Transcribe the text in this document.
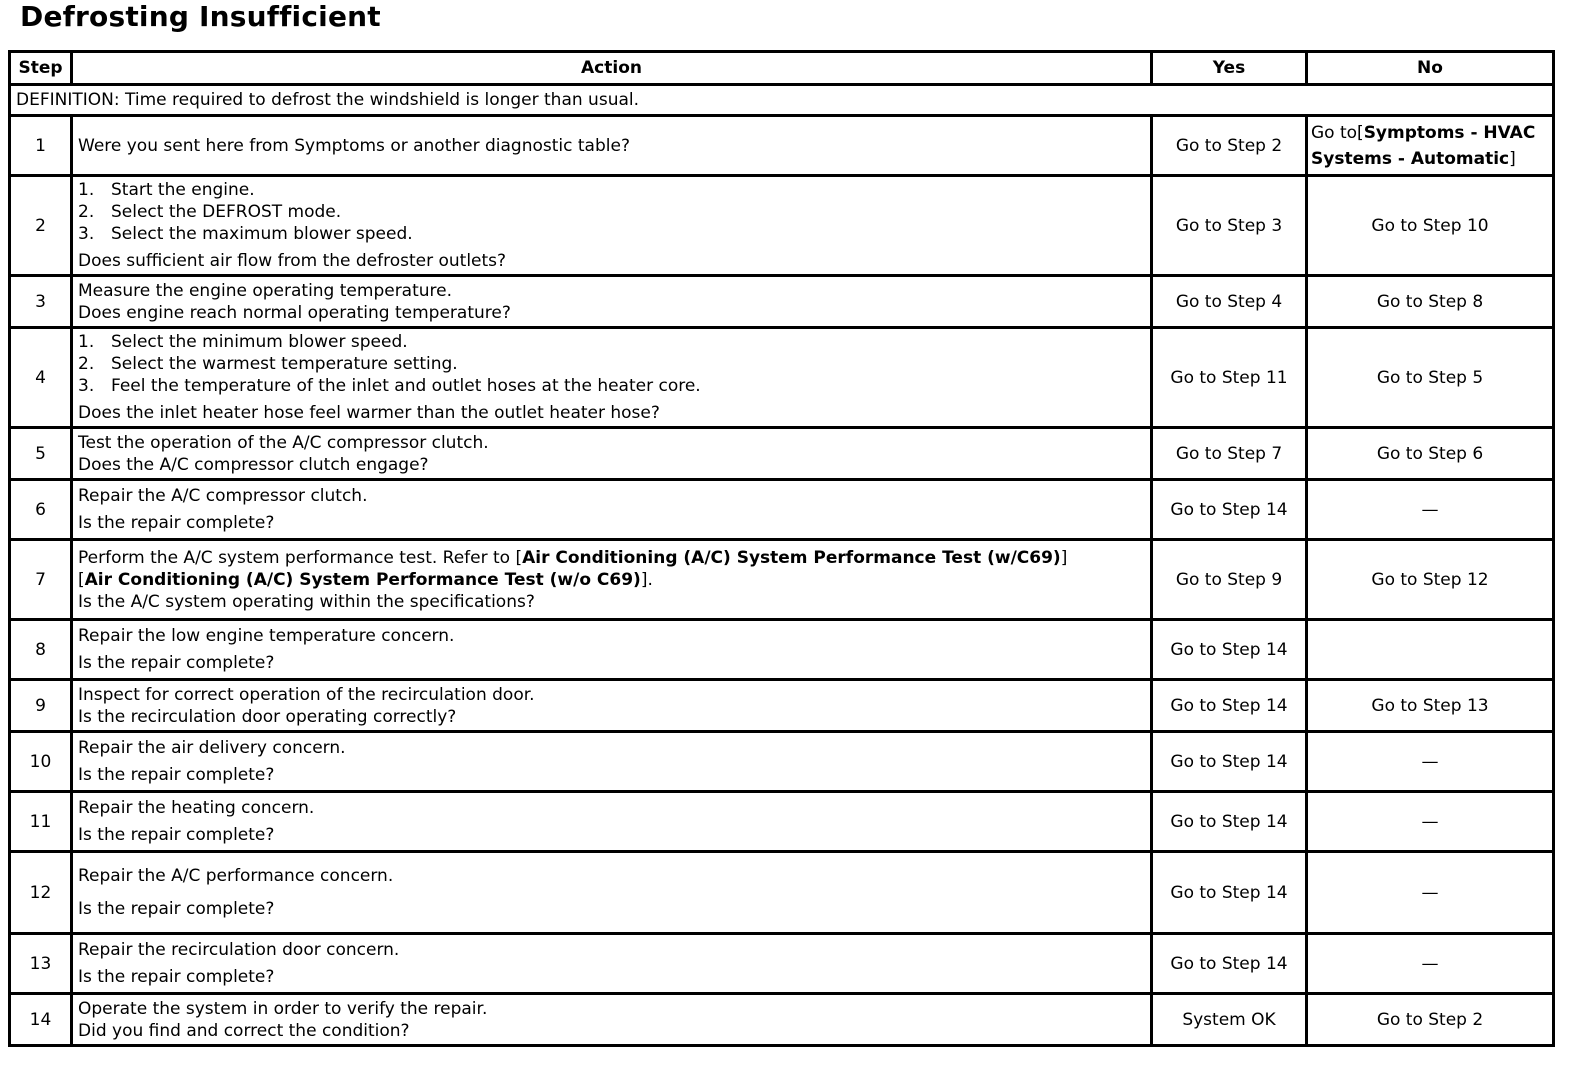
Defrosting Insufficient
Step	Action	Yes	No
DEFINITION: Time required to defrost the windshield is longer than usual.			
1	Were you sent here from Symptoms or another diagnostic table?	Go to Step 2	Go to[Symptoms - HVAC Systems - Automatic]
2	1. Start the engine.
2. Select the DEFROST mode.
3. Select the maximum blower speed.
Does sufficient air flow from the defroster outlets?	Go to Step 3	Go to Step 10
3	Measure the engine operating temperature.
Does engine reach normal operating temperature?	Go to Step 4	Go to Step 8
4	1. Select the minimum blower speed.
2. Select the warmest temperature setting.
3. Feel the temperature of the inlet and outlet hoses at the heater core.
Does the inlet heater hose feel warmer than the outlet heater hose?	Go to Step 11	Go to Step 5
5	Test the operation of the A/C compressor clutch.
Does the A/C compressor clutch engage?	Go to Step 7	Go to Step 6
6	Repair the A/C compressor clutch.
Is the repair complete?	Go to Step 14	—
7	Perform the A/C system performance test. Refer to [Air Conditioning (A/C) System Performance Test (w/C69)]
[Air Conditioning (A/C) System Performance Test (w/o C69)].
Is the A/C system operating within the specifications?	Go to Step 9	Go to Step 12
8	Repair the low engine temperature concern.
Is the repair complete?	Go to Step 14	
9	Inspect for correct operation of the recirculation door.
Is the recirculation door operating correctly?	Go to Step 14	Go to Step 13
10	Repair the air delivery concern.
Is the repair complete?	Go to Step 14	—
11	Repair the heating concern.
Is the repair complete?	Go to Step 14	—
12	Repair the A/C performance concern.
Is the repair complete?	Go to Step 14	—
13	Repair the recirculation door concern.
Is the repair complete?	Go to Step 14	—
14	Operate the system in order to verify the repair.
Did you find and correct the condition?	System OK	Go to Step 2
